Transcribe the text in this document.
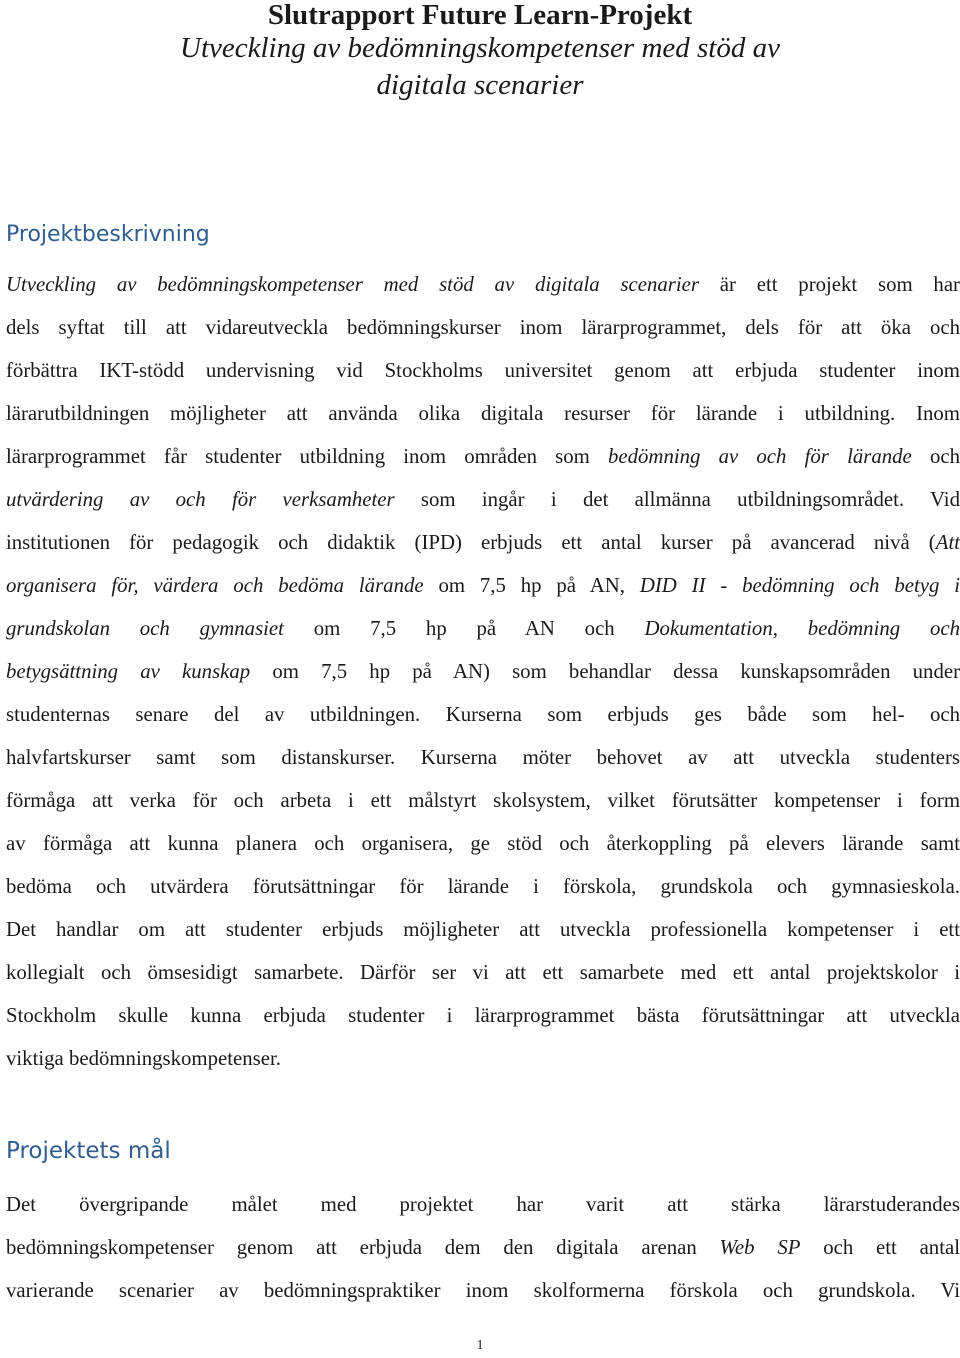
Slutrapport Future Learn-Projekt

Utveckling av bedömningskompetenser med stöd av
digitala scenarier

Projektbeskrivning
Utveckling av bedömningskompetenser med stöd av digitala scenarier är ett projekt som har
dels syftat till att vidareutveckla bedömningskurser inom lärarprogrammet, dels för att öka och
förbättra IKT-stödd undervisning vid Stockholms universitet genom att erbjuda studenter inom
lärarutbildningen möjligheter att använda olika digitala resurser för lärande i utbildning. Inom
lärarprogrammet får studenter utbildning inom områden som bedömning av och för lärande och
utvärdering av och för verksamheter som ingår i det allmänna utbildningsområdet. Vid
institutionen för pedagogik och didaktik (IPD) erbjuds ett antal kurser på avancerad nivå (Att
organisera för, värdera och bedöma lärande om 7,5 hp på AN, DID II - bedömning och betyg i
grundskolan och gymnasiet om 7,5 hp på AN och Dokumentation, bedömning och
betygsättning av kunskap om 7,5 hp på AN) som behandlar dessa kunskapsområden under
studenternas senare del av utbildningen. Kurserna som erbjuds ges både som hel- och
halvfartskurser samt som distanskurser. Kurserna möter behovet av att utveckla studenters
förmåga att verka för och arbeta i ett målstyrt skolsystem, vilket förutsätter kompetenser i form
av förmåga att kunna planera och organisera, ge stöd och återkoppling på elevers lärande samt
bedöma och utvärdera förutsättningar för lärande i förskola, grundskola och gymnasieskola.
Det handlar om att studenter erbjuds möjligheter att utveckla professionella kompetenser i ett
kollegialt och ömsesidigt samarbete. Därför ser vi att ett samarbete med ett antal projektskolor i
Stockholm skulle kunna erbjuda studenter i lärarprogrammet bästa förutsättningar att utveckla
viktiga bedömningskompetenser.
Projektets mål
Det övergripande målet med projektet har varit att stärka lärarstuderandes
bedömningskompetenser genom att erbjuda dem den digitala arenan Web SP och ett antal
varierande scenarier av bedömningspraktiker inom skolformerna förskola och grundskola. Vi
1
